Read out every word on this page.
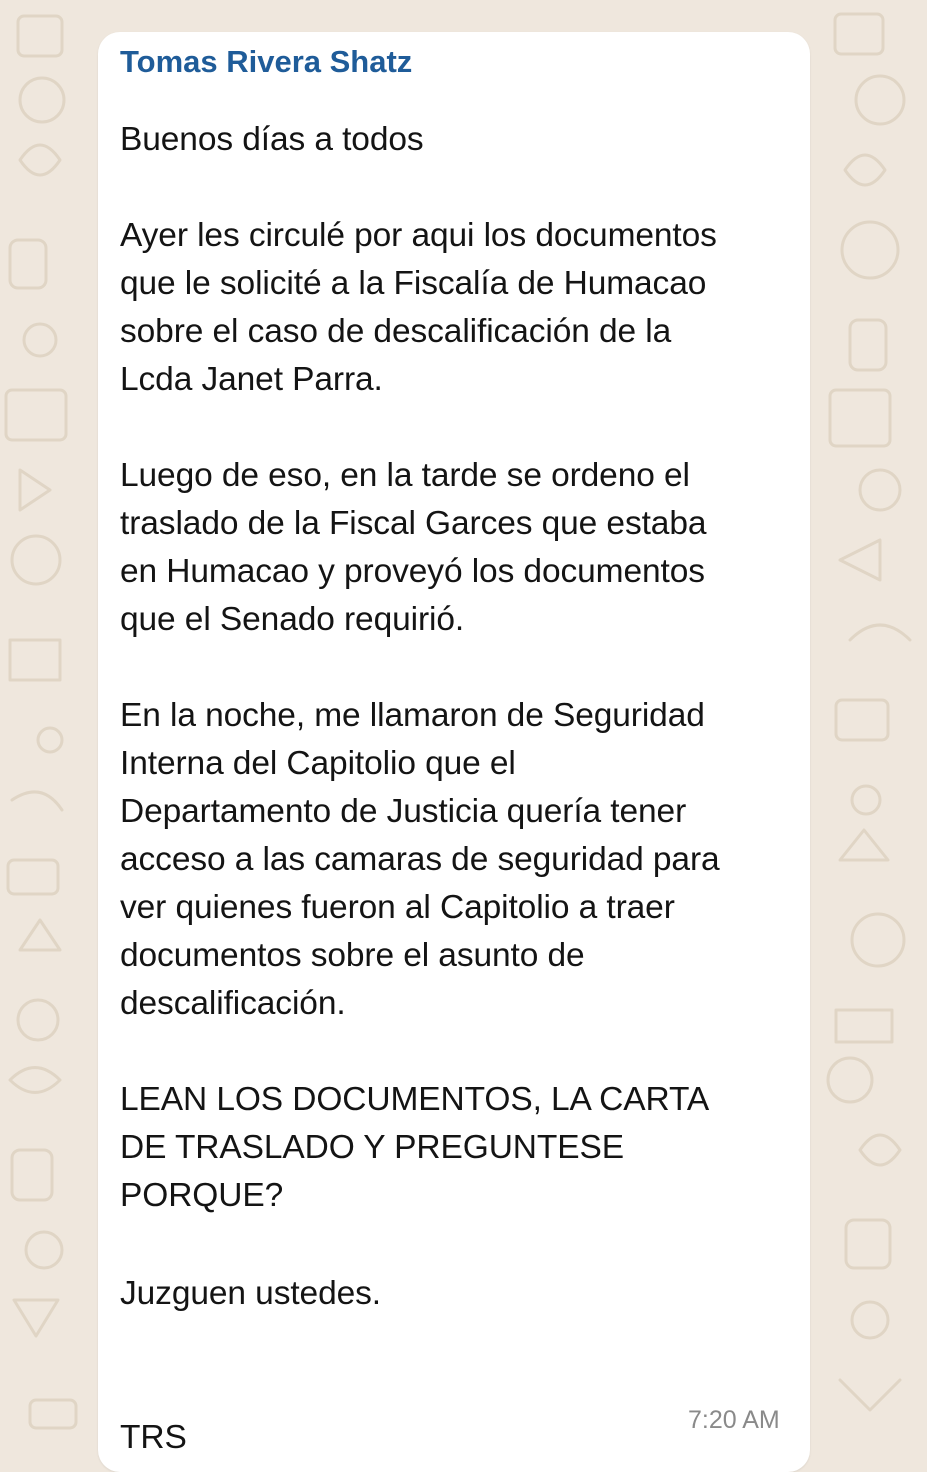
Tomas Rivera Shatz
Buenos días a todos
Ayer les circulé por aqui los documentos
que le solicité a la Fiscalía de Humacao
sobre el caso de descalificación de la
Lcda Janet Parra.
Luego de eso, en la tarde se ordeno el
traslado de la Fiscal Garces que estaba
en Humacao y proveyó los documentos
que el Senado requirió.
En la noche, me llamaron de Seguridad
Interna del Capitolio que el
Departamento de Justicia quería tener
acceso a las camaras de seguridad para
ver quienes fueron al Capitolio a traer
documentos sobre el asunto de
descalificación.
LEAN LOS DOCUMENTOS, LA CARTA
DE TRASLADO Y PREGUNTESE
PORQUE?
Juzguen ustedes.
TRS	7:20 AM
